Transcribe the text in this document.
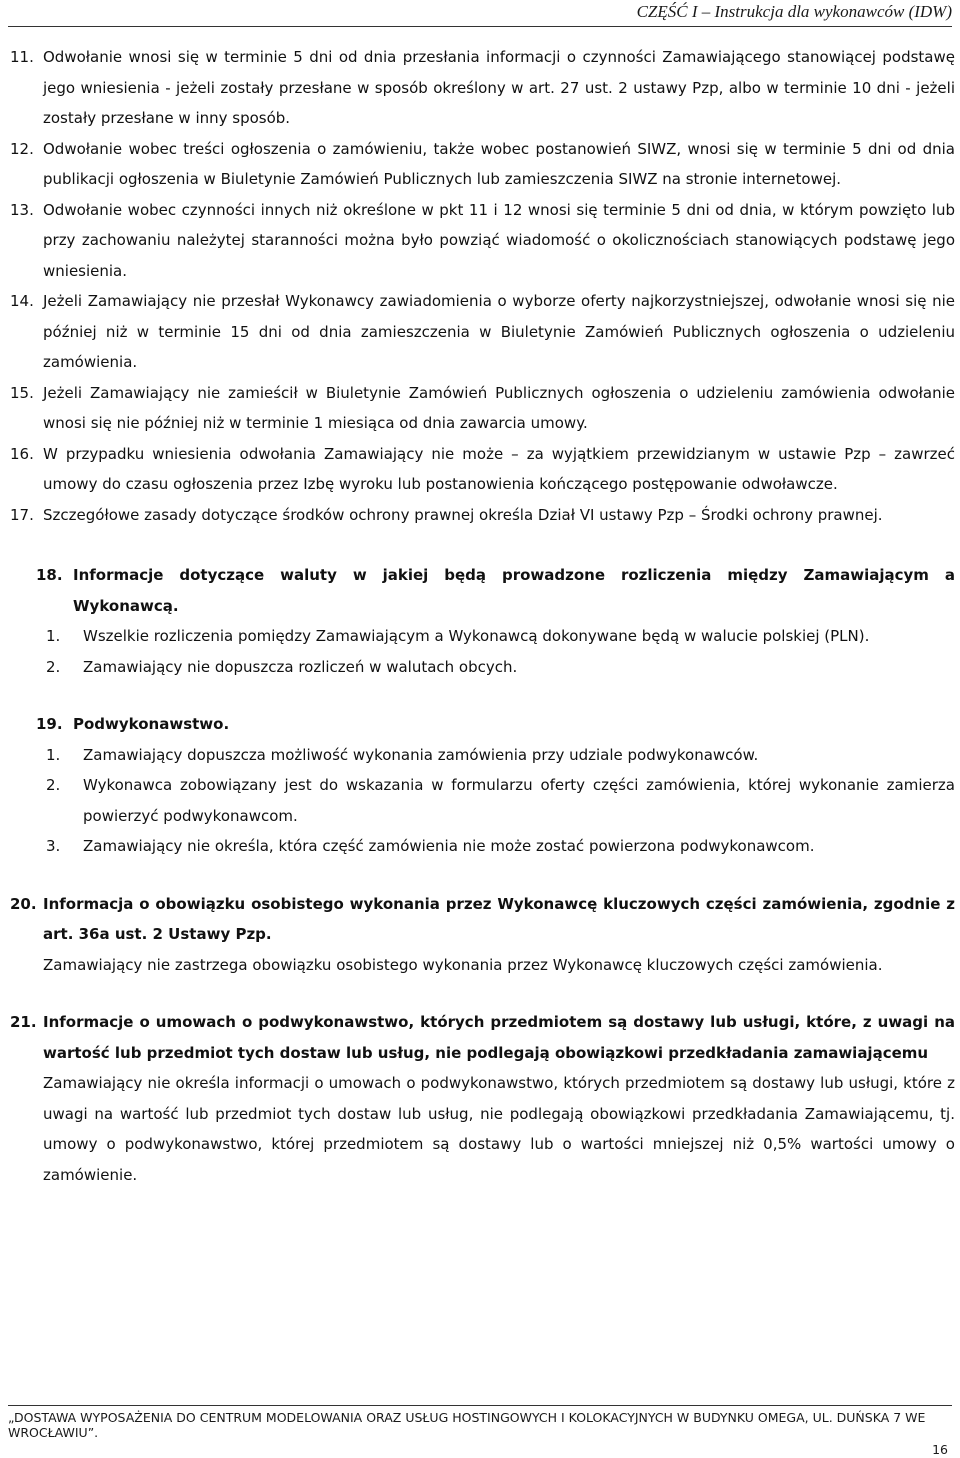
CZĘŚĆ I – Instrukcja dla wykonawców (IDW)
11. Odwołanie wnosi się w terminie 5 dni od dnia przesłania informacji o czynności Zamawiającego stanowiącej podstawę jego wniesienia - jeżeli zostały przesłane w sposób określony w art. 27 ust. 2 ustawy Pzp, albo w terminie 10 dni - jeżeli zostały przesłane w inny sposób.
12. Odwołanie wobec treści ogłoszenia o zamówieniu, także wobec postanowień SIWZ, wnosi się w terminie 5 dni od dnia publikacji ogłoszenia w Biuletynie Zamówień Publicznych lub zamieszczenia SIWZ na stronie internetowej.
13. Odwołanie wobec czynności innych niż określone w pkt 11 i 12 wnosi się terminie 5 dni od dnia, w którym powzięto lub przy zachowaniu należytej staranności można było powziąć wiadomość o okolicznościach stanowiących podstawę jego wniesienia.
14. Jeżeli Zamawiający nie przesłał Wykonawcy zawiadomienia o wyborze oferty najkorzystniejszej, odwołanie wnosi się nie później niż w terminie 15 dni od dnia zamieszczenia w Biuletynie Zamówień Publicznych ogłoszenia o udzieleniu zamówienia.
15. Jeżeli Zamawiający nie zamieścił w Biuletynie Zamówień Publicznych ogłoszenia o udzieleniu zamówienia odwołanie wnosi się nie później niż w terminie 1 miesiąca od dnia zawarcia umowy.
16. W przypadku wniesienia odwołania Zamawiający nie może – za wyjątkiem przewidzianym w ustawie Pzp – zawrzeć umowy do czasu ogłoszenia przez Izbę wyroku lub postanowienia kończącego postępowanie odwoławcze.
17. Szczegółowe zasady dotyczące środków ochrony prawnej określa Dział VI ustawy Pzp – Środki ochrony prawnej.
18. Informacje dotyczące waluty w jakiej będą prowadzone rozliczenia między Zamawiającym a Wykonawcą.
1. Wszelkie rozliczenia pomiędzy Zamawiającym a Wykonawcą dokonywane będą w walucie polskiej (PLN).
2. Zamawiający nie dopuszcza rozliczeń w walutach obcych.
19. Podwykonawstwo.
1. Zamawiający dopuszcza możliwość wykonania zamówienia przy udziale podwykonawców.
2. Wykonawca zobowiązany jest do wskazania w formularzu oferty części zamówienia, której wykonanie zamierza powierzyć podwykonawcom.
3. Zamawiający nie określa, która część zamówienia nie może zostać powierzona podwykonawcom.
20. Informacja o obowiązku osobistego wykonania przez Wykonawcę kluczowych części zamówienia, zgodnie z art. 36a ust. 2 Ustawy Pzp.
Zamawiający nie zastrzega obowiązku osobistego wykonania przez Wykonawcę kluczowych części zamówienia.
21. Informacje o umowach o podwykonawstwo, których przedmiotem są dostawy lub usługi, które, z uwagi na wartość lub przedmiot tych dostaw lub usług, nie podlegają obowiązkowi przedkładania zamawiającemu
Zamawiający nie określa informacji o umowach o podwykonawstwo, których przedmiotem są dostawy lub usługi, które z uwagi na wartość lub przedmiot tych dostaw lub usług, nie podlegają obowiązkowi przedkładania Zamawiającemu, tj. umowy o podwykonawstwo, której przedmiotem są dostawy lub o wartości mniejszej niż 0,5% wartości umowy o zamówienie.
„DOSTAWA WYPOSAŻENIA DO CENTRUM MODELOWANIA ORAZ USŁUG HOSTINGOWYCH I KOLOKACYJNYCH W BUDYNKU OMEGA, UL. DUŃSKA 7 WE WROCŁAWIU”.
16
